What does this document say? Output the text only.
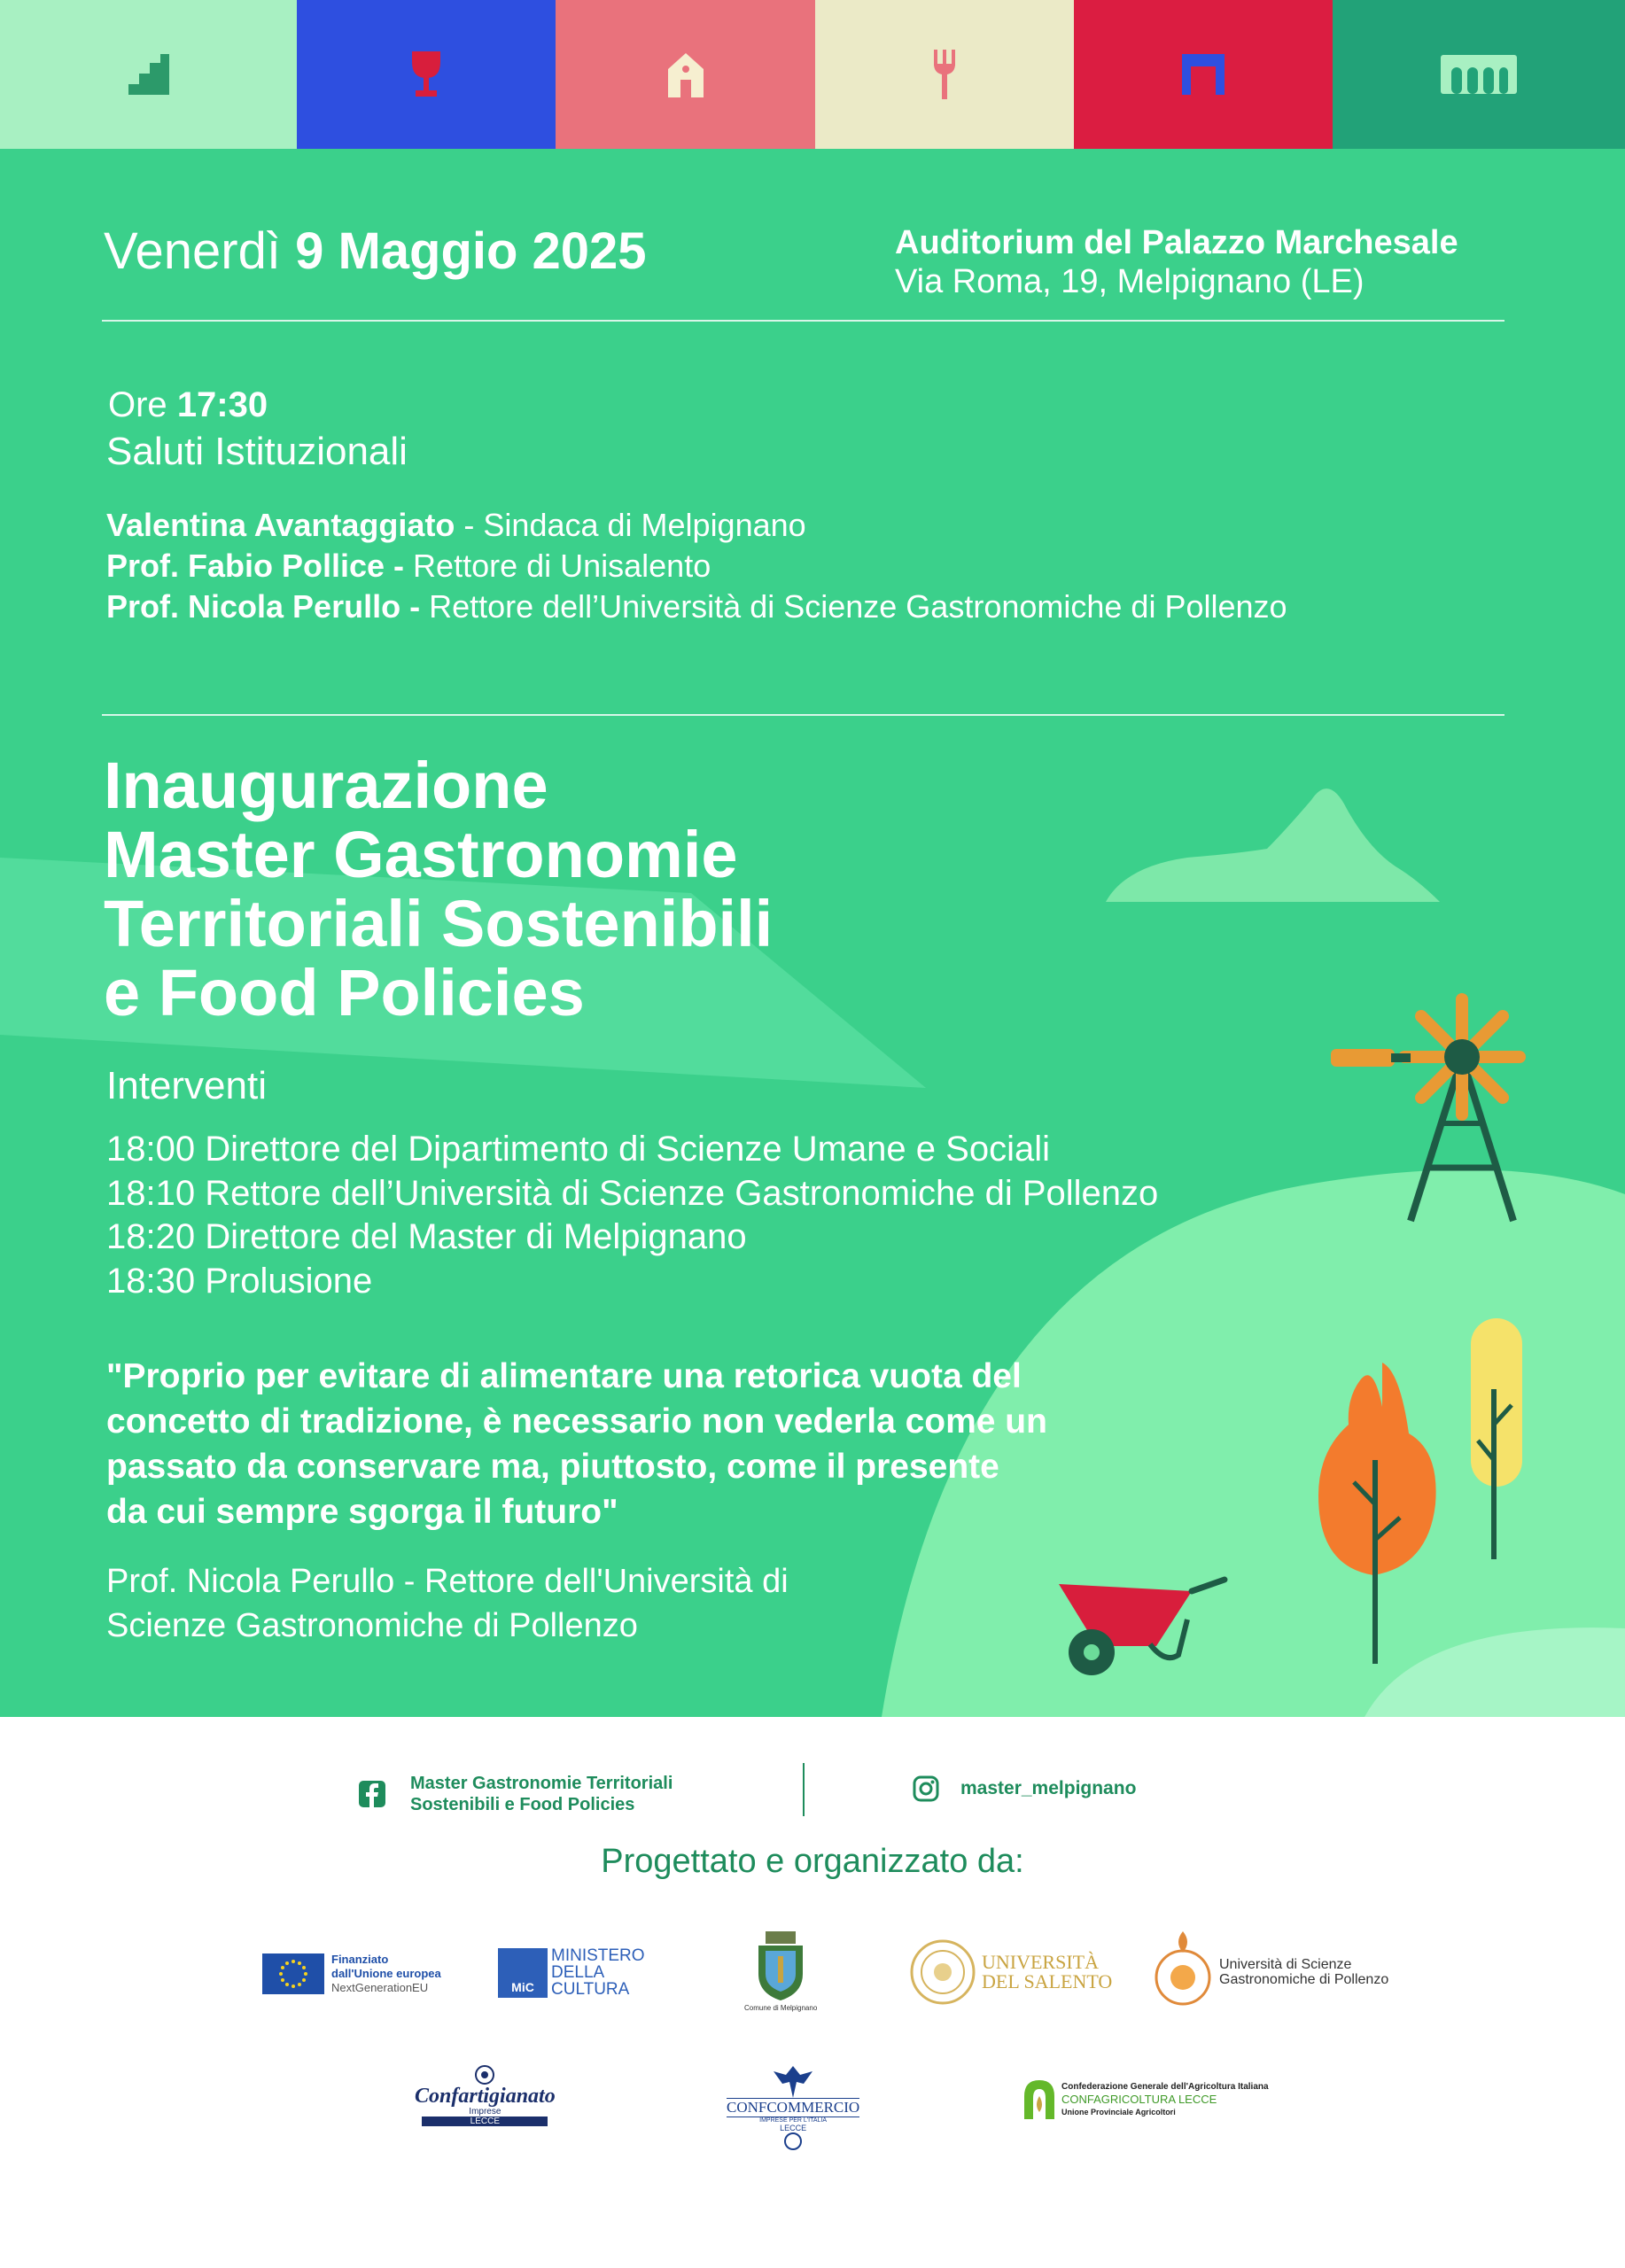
Venerdì 9 Maggio 2025	Auditorium del Palazzo Marchesale
Via Roma, 19, Melpignano (LE)
Ore 17:30
Saluti Istituzionali
Valentina Avantaggiato - Sindaca di Melpignano
Prof. Fabio Pollice - Rettore di Unisalento
Prof. Nicola Perullo - Rettore dell’Università di Scienze Gastronomiche di Pollenzo
Inaugurazione
Master Gastronomie
Territoriali Sostenibili
e Food Policies
Interventi
18:00 Direttore del Dipartimento di Scienze Umane e Sociali
18:10 Rettore dell’Università di Scienze Gastronomiche di Pollenzo
18:20 Direttore del Master di Melpignano
18:30 Prolusione
"Proprio per evitare di alimentare una retorica vuota del
concetto di tradizione, è necessario non vederla come un
passato da conservare ma, piuttosto, come il presente
da cui sempre sgorga il futuro"
Prof. Nicola Perullo - Rettore dell'Università di
Scienze Gastronomiche di Pollenzo
Master Gastronomie Territoriali
Sostenibili e Food Policies
master_melpignano
Progettato e organizzato da:
Finanziato
dall'Unione europea
NextGenerationEU	MiC
MINISTERO
DELLA
CULTURA
Comune di Melpignano
UNIVERSITÀ
DEL SALENTO
Università di Scienze
Gastronomiche di Pollenzo
Confartigianato
Imprese
LECCE
CONFCOMMERCIO
IMPRESE PER L'ITALIA
LECCE
Confederazione Generale dell'Agricoltura Italiana
CONFAGRICOLTURA LECCE
Unione Provinciale Agricoltori
